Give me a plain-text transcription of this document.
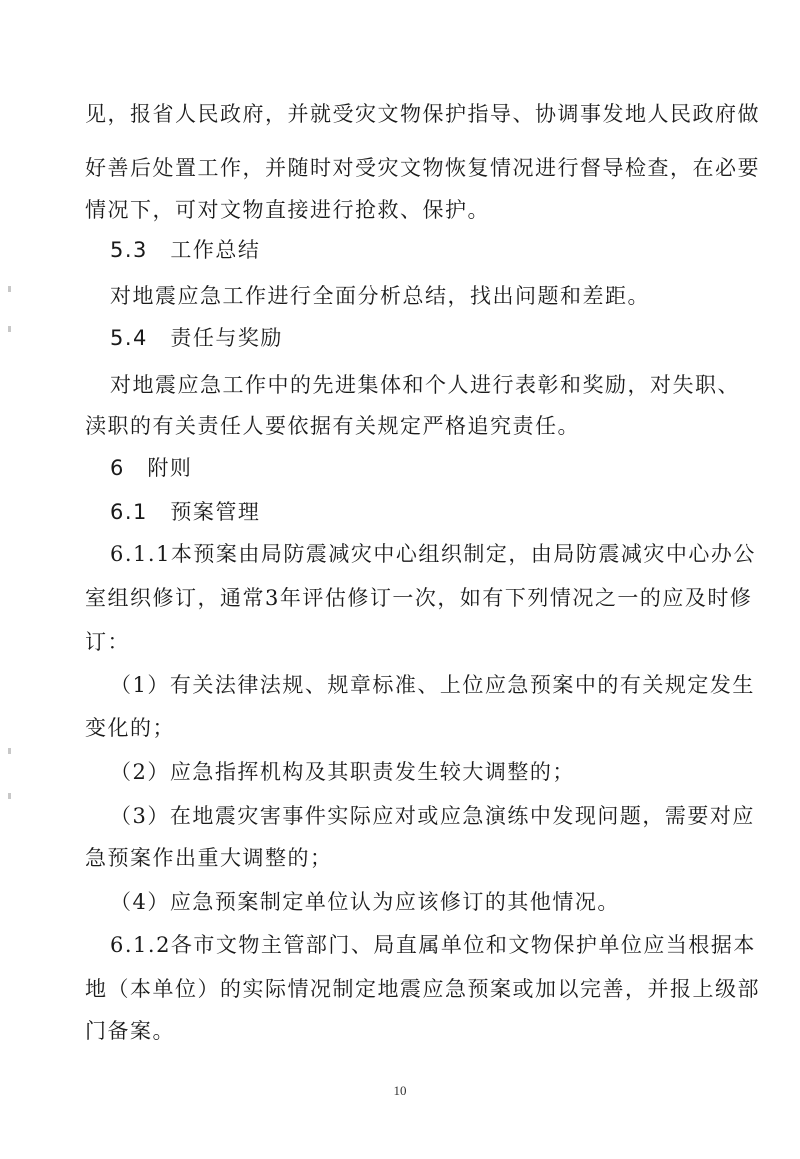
见，报省人民政府，并就受灾文物保护指导、协调事发地人民政府做
好善后处置工作，并随时对受灾文物恢复情况进行督导检查，在必要
情况下，可对文物直接进行抢救、保护。
5.3　工作总结
对地震应急工作进行全面分析总结，找出问题和差距。
5.4　责任与奖励
对地震应急工作中的先进集体和个人进行表彰和奖励，对失职、
渎职的有关责任人要依据有关规定严格追究责任。
6　附则
6.1　预案管理
6.1.1本预案由局防震减灾中心组织制定，由局防震减灾中心办公
室组织修订，通常3年评估修订一次，如有下列情况之一的应及时修
订：
（1）有关法律法规、规章标准、上位应急预案中的有关规定发生
变化的；
（2）应急指挥机构及其职责发生较大调整的；
（3）在地震灾害事件实际应对或应急演练中发现问题，需要对应
急预案作出重大调整的；
（4）应急预案制定单位认为应该修订的其他情况。
6.1.2各市文物主管部门、局直属单位和文物保护单位应当根据本
地（本单位）的实际情况制定地震应急预案或加以完善，并报上级部
门备案。
10
